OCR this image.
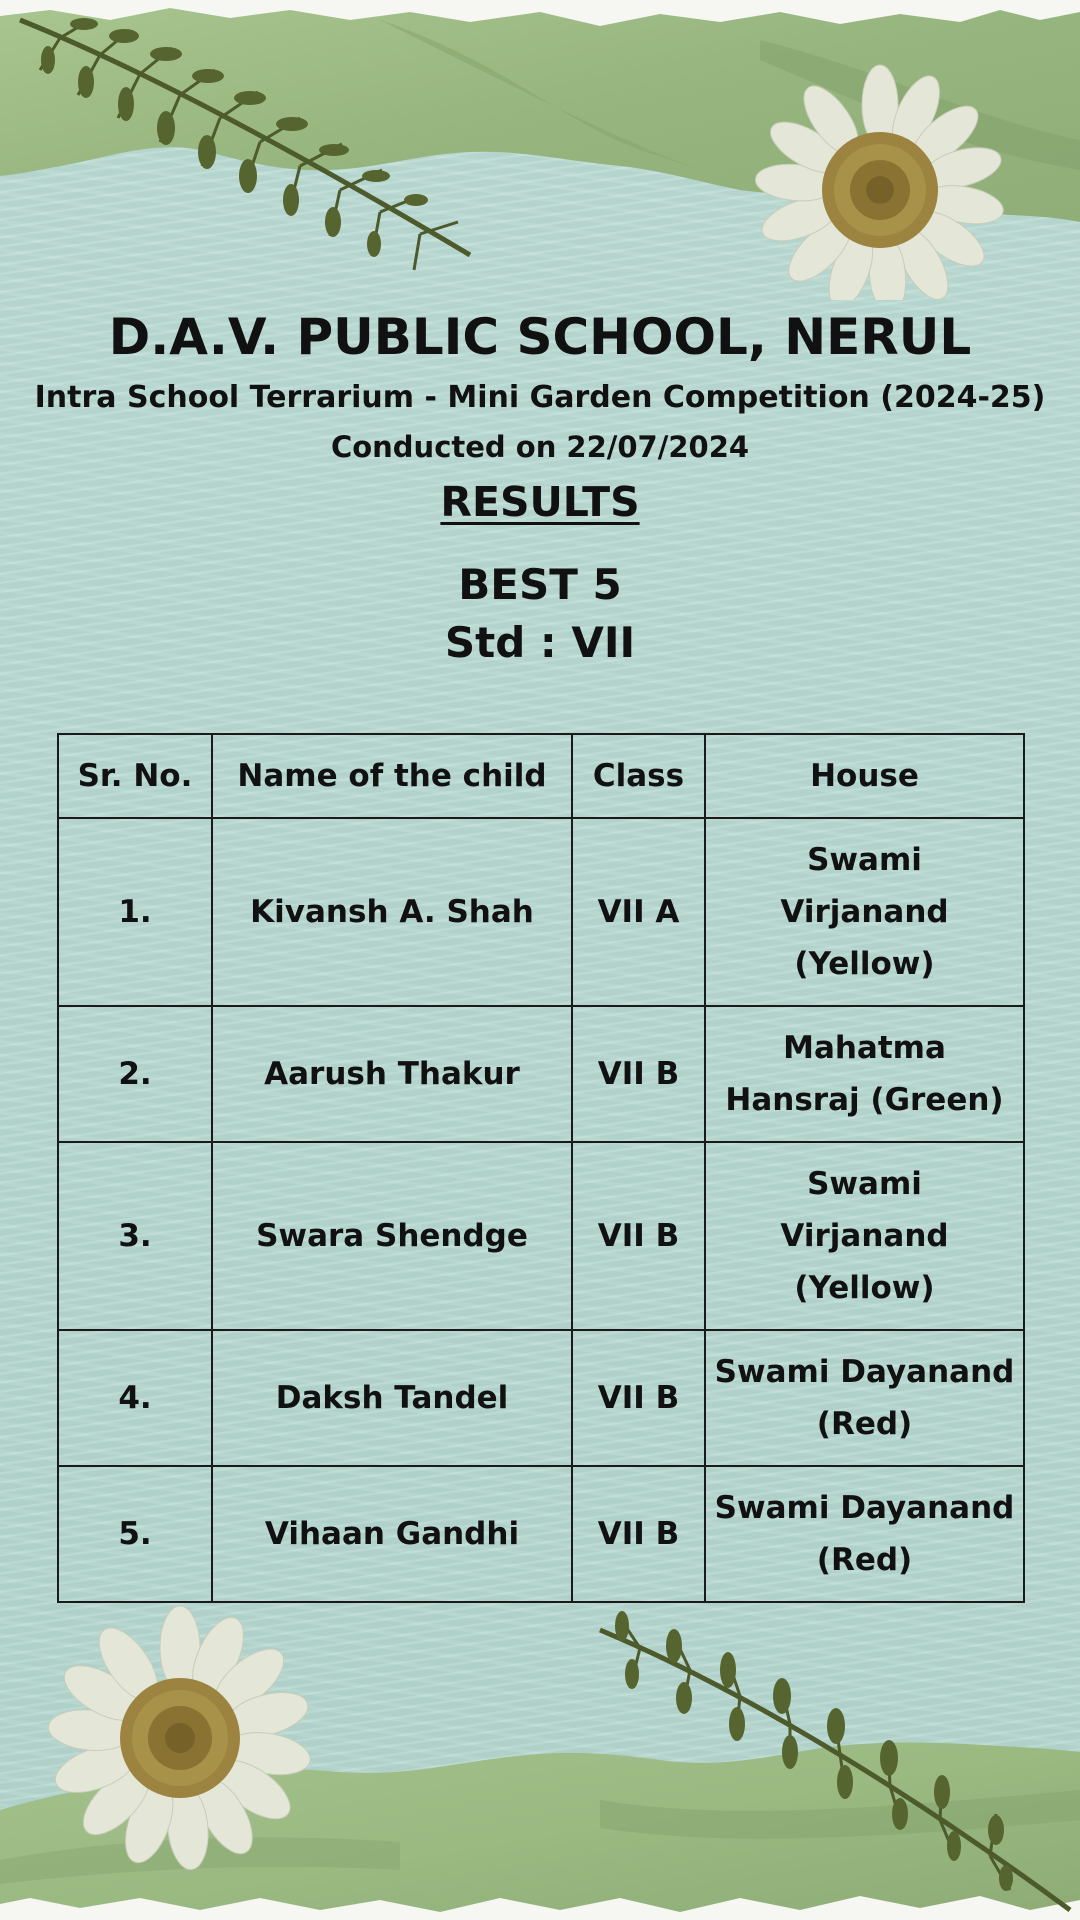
D.A.V. PUBLIC SCHOOL, NERUL
Intra School Terrarium - Mini Garden Competition (2024-25)
Conducted on 22/07/2024
RESULTS
BEST 5
Std : VII
Sr. No.	Name of the child	Class	House
1.	Kivansh A. Shah	VII A	Swami Virjanand (Yellow)
2.	Aarush Thakur	VII B	Mahatma Hansraj (Green)
3.	Swara Shendge	VII B	Swami Virjanand (Yellow)
4.	Daksh Tandel	VII B	Swami Dayanand (Red)
5.	Vihaan Gandhi	VII B	Swami Dayanand (Red)
